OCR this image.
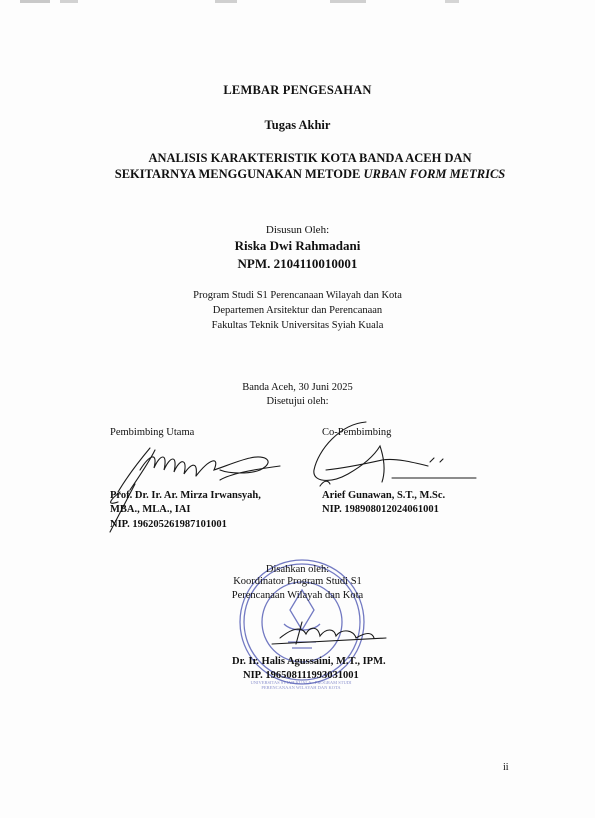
LEMBAR PENGESAHAN
Tugas Akhir
ANALISIS KARAKTERISTIK KOTA BANDA ACEH DAN SEKITARNYA MENGGUNAKAN METODE URBAN FORM METRICS
Disusun Oleh:
Riska Dwi Rahmadani
NPM. 2104110010001
Program Studi S1 Perencanaan Wilayah dan Kota
Departemen Arsitektur dan Perencanaan
Fakultas Teknik Universitas Syiah Kuala
Banda Aceh, 30 Juni 2025
Disetujui oleh:
Pembimbing Utama
Prof. Dr. Ir. Ar. Mirza Irwansyah,
MBA., MLA., IAI
NIP. 196205261987101001
Co-Pembimbing
Arief Gunawan, S.T., M.Sc.
NIP. 198908012024061001
UNIVERSITAS SYIAH KUALA · PROGRAM STUDI PERENCANAAN WILAYAH DAN KOTA
Disahkan oleh:
Koordinator Program Studi S1
Perencanaan Wilayah dan Kota
Dr. Ir. Halis Agussaini, M.T., IPM.
NIP. 196508111993031001
ii
